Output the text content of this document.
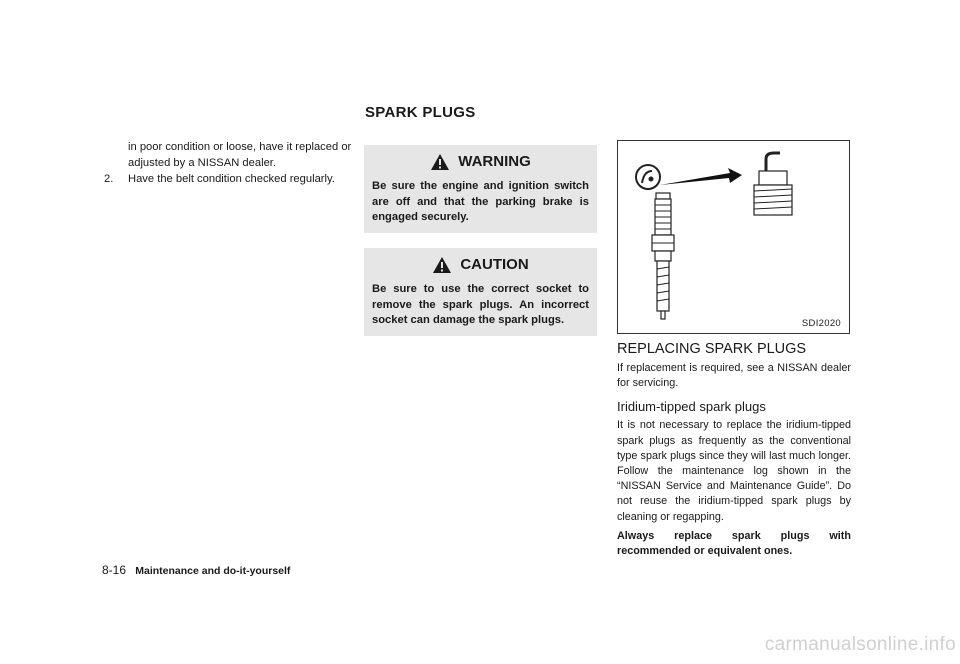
SPARK PLUGS

in poor condition or loose, have it replaced or adjusted by a NISSAN dealer.

2.	Have the belt condition checked regularly.
WARNING
Be sure the engine and ignition switch are off and that the parking brake is engaged securely.
CAUTION
Be sure to use the correct socket to remove the spark plugs. An incorrect socket can damage the spark plugs.	SDI2020
REPLACING SPARK PLUGS

If replacement is required, see a NISSAN dealer for servicing.

Iridium-tipped spark plugs

It is not necessary to replace the iridium-tipped spark plugs as frequently as the conventional type spark plugs since they will last much longer. Follow the maintenance log shown in the “NISSAN Service and Maintenance Guide”. Do not reuse the iridium-tipped spark plugs by cleaning or regapping.

Always replace spark plugs with recommended or equivalent ones.

8-16 Maintenance and do-it-yourself
carmanualsonline.info
